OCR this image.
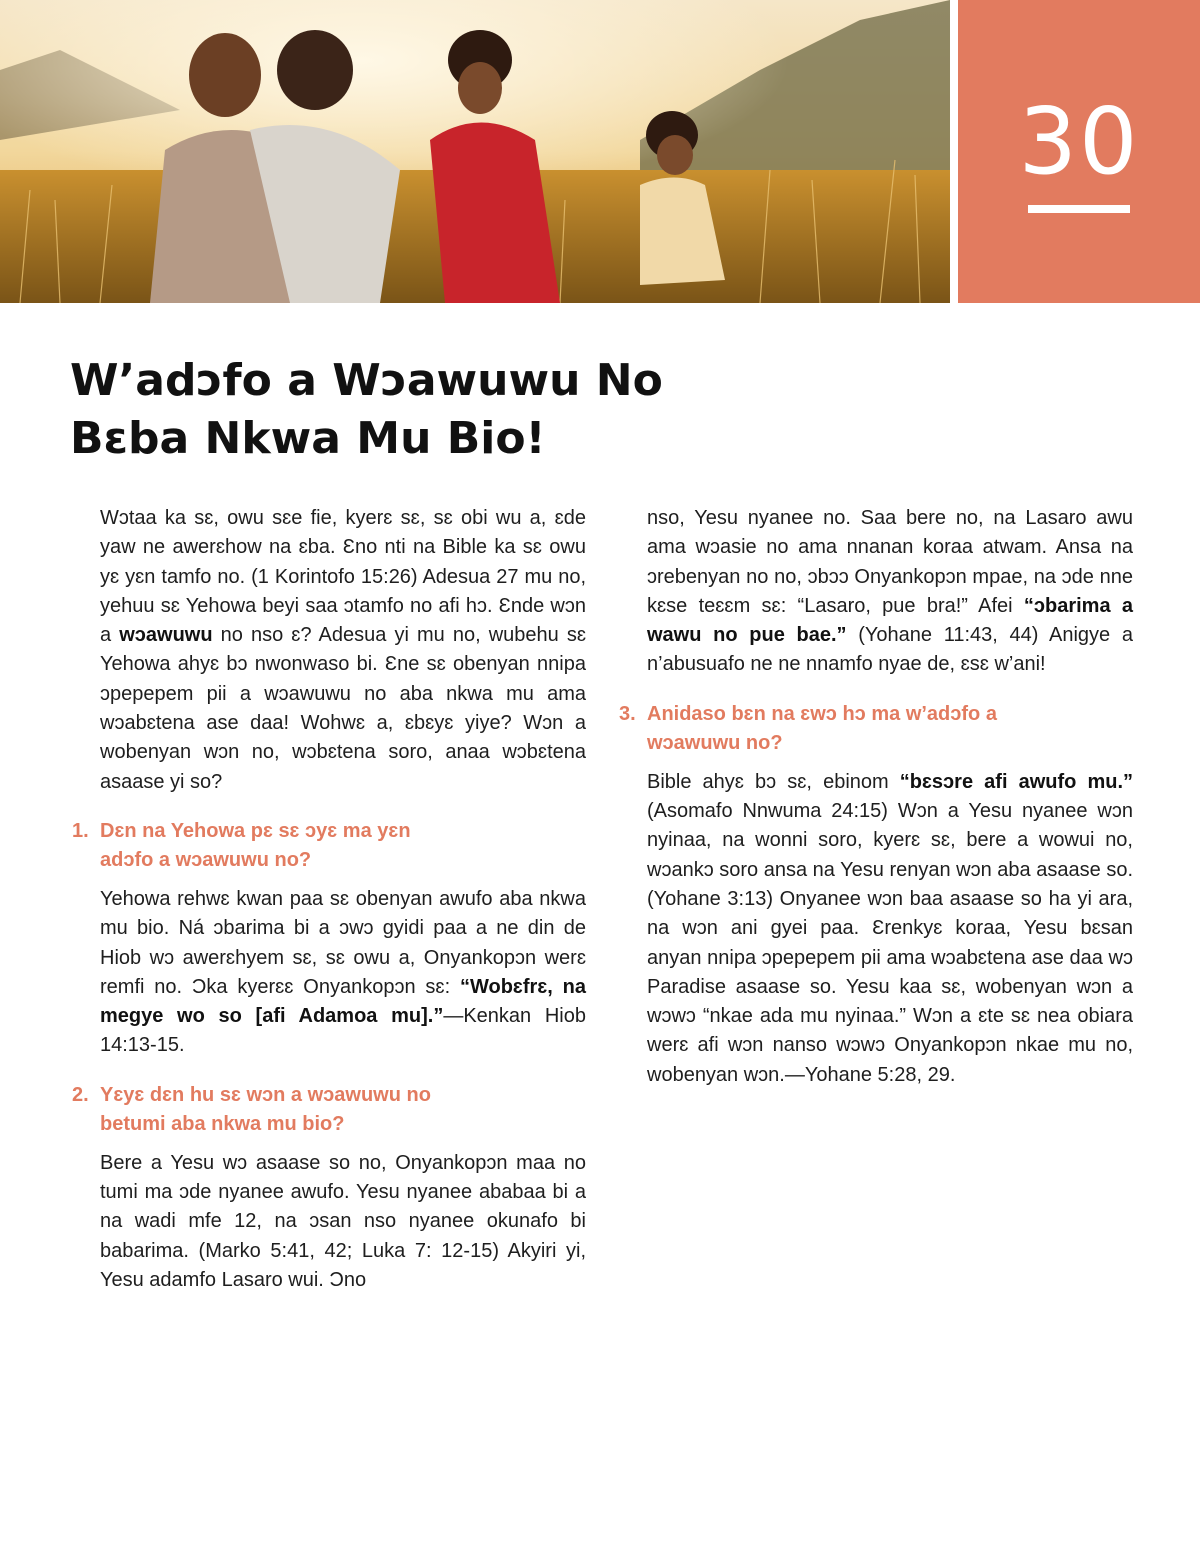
30
W’adɔfo a Wɔawuwu No
Bɛba Nkwa Mu Bio!

Wɔtaa ka sɛ, owu sɛe fie, kyerɛ sɛ, sɛ obi wu a, ɛde yaw ne awerɛhow na ɛba. Ɛno nti na Bible ka sɛ owu yɛ yɛn tamfo no. (1 Korintofo 15:26) Adesua 27 mu no, yehuu sɛ Yehowa beyi saa ɔtamfo no afi hɔ. Ɛnde wɔn a wɔawuwu no nso ɛ? Adesua yi mu no, wubehu sɛ Yehowa ahyɛ bɔ nwonwaso bi. Ɛne sɛ obenyan nnipa ɔpepepem pii a wɔawuwu no aba nkwa mu ama wɔabɛtena ase daa! Wohwɛ a, ɛbɛyɛ yiye? Wɔn a wobenyan wɔn no, wɔbɛtena soro, anaa wɔbɛtena asaase yi so?

1. Dɛn na Yehowa pɛ sɛ ɔyɛ ma yɛn
adɔfo a wɔawuwu no?

Yehowa rehwɛ kwan paa sɛ obenyan awufo aba nkwa mu bio. Ná ɔbarima bi a ɔwɔ gyidi paa a ne din de Hiob wɔ awerɛhyem sɛ, sɛ owu a, Onyankopɔn werɛ remfi no. Ɔka kyerɛɛ Onyankopɔn sɛ: “Wobɛfrɛ, na megye wo so [afi Adamoa mu].”—Kenkan Hiob 14:13-15.

2. Yɛyɛ dɛn hu sɛ wɔn a wɔawuwu no
betumi aba nkwa mu bio?

Bere a Yesu wɔ asaase so no, Onyankopɔn maa no tumi ma ɔde nyanee awufo. Yesu nyanee ababaa bi a na wadi mfe 12, na ɔsan nso nyanee okunafo bi babarima. (Marko 5:41, 42; Luka 7: 12-15) Akyiri yi, Yesu adamfo Lasaro wui. Ɔno

nso, Yesu nyanee no. Saa bere no, na Lasaro awu ama wɔasie no ama nnanan koraa atwam. Ansa na ɔrebenyan no no, ɔbɔɔ Onyankopɔn mpae, na ɔde nne kɛse teɛɛm sɛ: “Lasaro, pue bra!” Afei “ɔbarima a wawu no pue bae.” (Yohane 11:43, 44) Anigye a n’abusuafo ne ne nnamfo nyae de, ɛsɛ w’ani!

3. Anidaso bɛn na ɛwɔ hɔ ma w’adɔfo a
wɔawuwu no?

Bible ahyɛ bɔ sɛ, ebinom “bɛsɔre afi awufo mu.” (Asomafo Nnwuma 24:15) Wɔn a Yesu nyanee wɔn nyinaa, na wonni soro, kyerɛ sɛ, bere a wowui no, wɔankɔ soro ansa na Yesu renyan wɔn aba asaase so. (Yohane 3:13) Onyanee wɔn baa asaase so ha yi ara, na wɔn ani gyei paa. Ɛrenkyɛ koraa, Yesu bɛsan anyan nnipa ɔpepepem pii ama wɔabɛtena ase daa wɔ Paradise asaase so. Yesu kaa sɛ, wobenyan wɔn a wɔwɔ “nkae ada mu nyinaa.” Wɔn a ɛte sɛ nea obiara werɛ afi wɔn nanso wɔwɔ Onyankopɔn nkae mu no, wobenyan wɔn.—Yohane 5:28, 29.
